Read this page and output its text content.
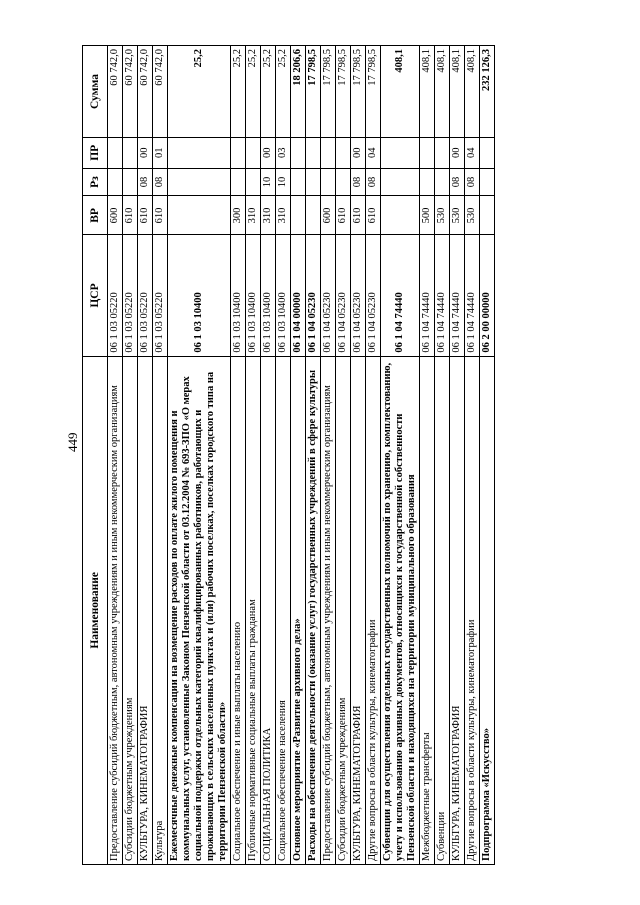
449
Наименование	ЦСР	ВР	Рз	ПР	Сумма
Предоставление субсидий бюджетным, автономным учреждениям и иным некоммерческим организациям	06 1 03 05220	600			60 742,0
Субсидии бюджетным учреждениям	06 1 03 05220	610			60 742,0
КУЛЬТУРА, КИНЕМАТОГРАФИЯ	06 1 03 05220	610	08	00	60 742,0
Культура	06 1 03 05220	610	08	01	60 742,0
Ежемесячные денежные компенсации на возмещение расходов по оплате жилого помещения и коммунальных услуг, установленные Законом Пензенской области от 03.12.2004 № 693-ЗПО «О мерах социальной поддержки отдельных категорий квалифицированных работников, работающих и проживающих в сельских населенных пунктах и (или) рабочих поселках, поселках городского типа на территории Пензенской области»	06 1 03 10400				25,2
Социальное обеспечение и иные выплаты населению	06 1 03 10400	300			25,2
Публичные нормативные социальные выплаты гражданам	06 1 03 10400	310			25,2
СОЦИАЛЬНАЯ ПОЛИТИКА	06 1 03 10400	310	10	00	25,2
Социальное обеспечение населения	06 1 03 10400	310	10	03	25,2
Основное мероприятие «Развитие архивного дела»	06 1 04 00000				18 206,6
Расходы на обеспечение деятельности (оказание услуг) государственных учреждений в сфере культуры	06 1 04 05230				17 798,5
Предоставление субсидий бюджетным, автономным учреждениям и иным некоммерческим организациям	06 1 04 05230	600			17 798,5
Субсидии бюджетным учреждениям	06 1 04 05230	610			17 798,5
КУЛЬТУРА, КИНЕМАТОГРАФИЯ	06 1 04 05230	610	08	00	17 798,5
Другие вопросы в области культуры, кинематографии	06 1 04 05230	610	08	04	17 798,5
Субвенции для осуществления отдельных государственных полномочий по хранению, комплектованию, учету и использованию архивных документов, относящихся к государственной собственности Пензенской области и находящихся на территории муниципального образования	06 1 04 74440				408,1
Межбюджетные трансферты	06 1 04 74440	500			408,1
Субвенции	06 1 04 74440	530			408,1
КУЛЬТУРА, КИНЕМАТОГРАФИЯ	06 1 04 74440	530	08	00	408,1
Другие вопросы в области культуры, кинематографии	06 1 04 74440	530	08	04	408,1
Подпрограмма «Искусство»	06 2 00 00000				232 126,3
